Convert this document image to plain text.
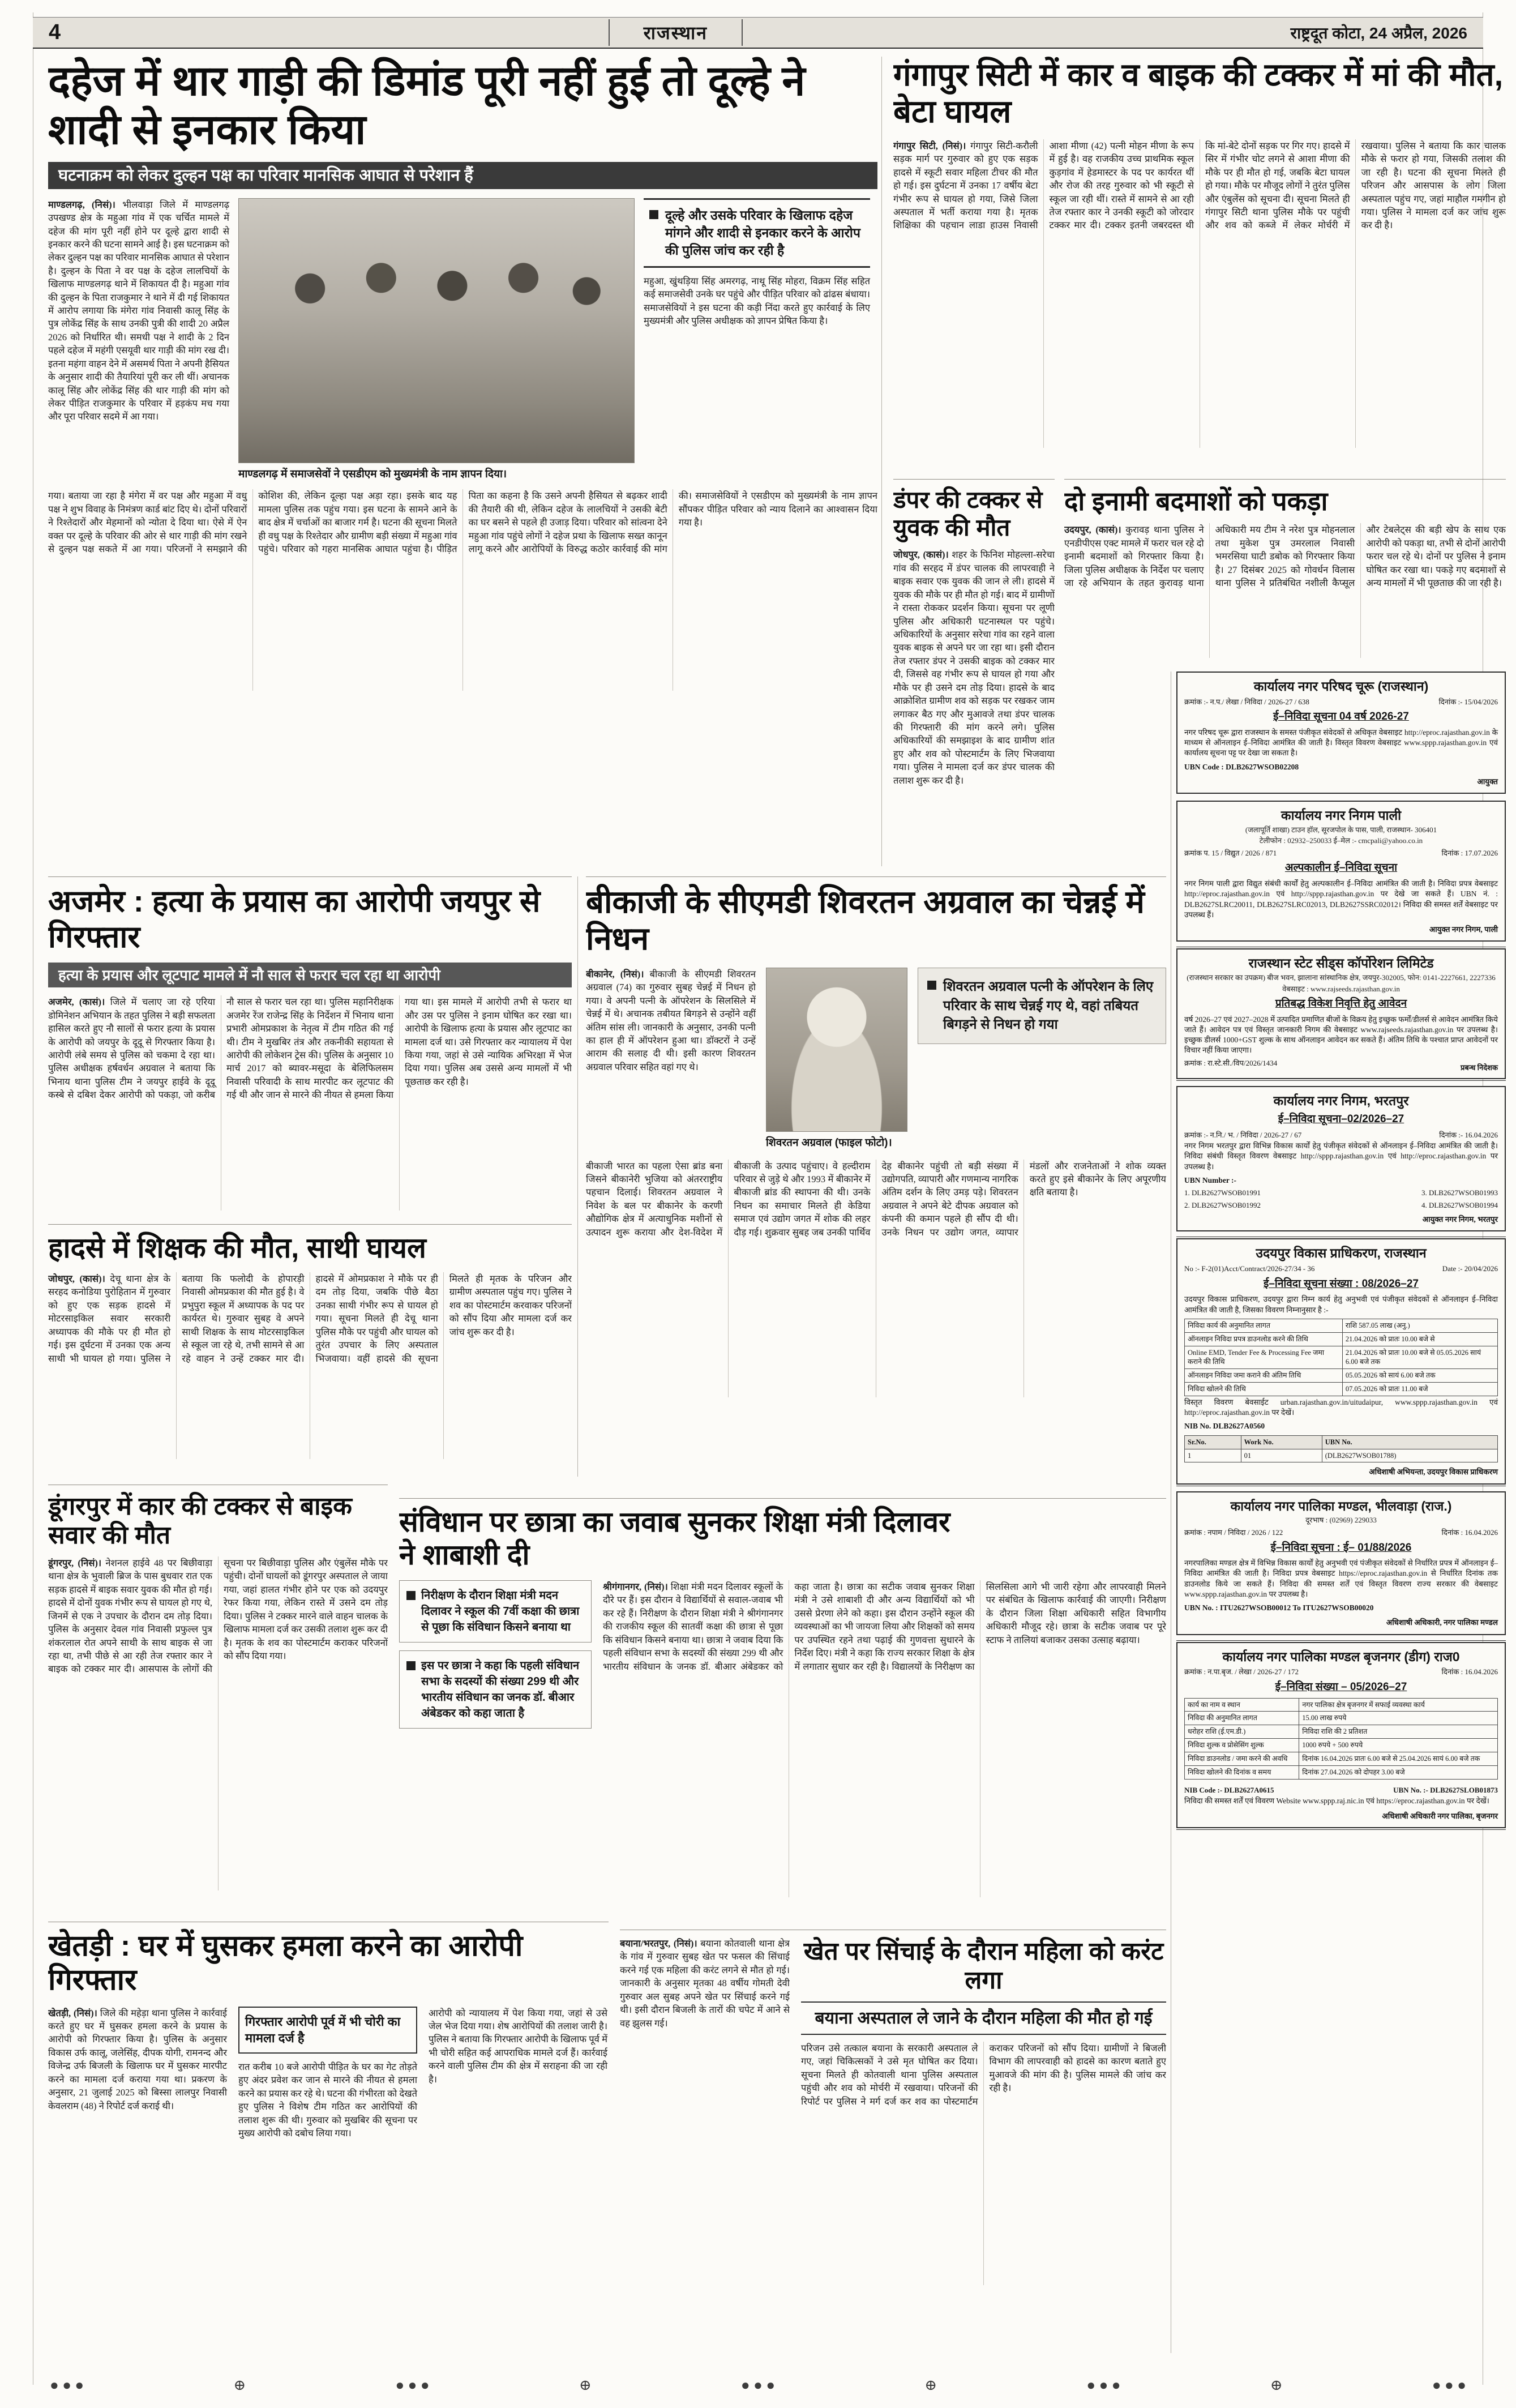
4	राजस्थान	राष्ट्रदूत कोटा, 24 अप्रैल, 2026
दहेज में थार गाड़ी की डिमांड पूरी नहीं हुई तो दूल्हे ने शादी से इनकार किया
घटनाक्रम को लेकर दुल्हन पक्ष का परिवार मानसिक आघात से परेशान हैं
माण्डलगढ़, (निसं)। भीलवाड़ा जिले में माण्डलगढ़ उपखण्ड क्षेत्र के महुआ गांव में एक चर्चित मामले में दहेज की मांग पूरी नहीं होने पर दूल्हे द्वारा शादी से इनकार करने की घटना सामने आई है। इस घटनाक्रम को लेकर दुल्हन पक्ष का परिवार मानसिक आघात से परेशान है। दुल्हन के पिता ने वर पक्ष के दहेज लालचियों के खिलाफ माण्डलगढ़ थाने में शिकायत दी है। महुआ गांव की दुल्हन के पिता राजकुमार ने थाने में दी गई शिकायत में आरोप लगाया कि मंगेरा गांव निवासी कालू सिंह के पुत्र लोकेंद्र सिंह के साथ उनकी पुत्री की शादी 20 अप्रैल 2026 को निर्धारित थी। समधी पक्ष ने शादी के 2 दिन पहले दहेज में महंगी एसयूवी थार गाड़ी की मांग रख दी। इतना महंगा वाहन देने में असमर्थ पिता ने अपनी हैसियत के अनुसार शादी की तैयारियां पूरी कर ली थीं। अचानक कालू सिंह और लोकेंद्र सिंह की थार गाड़ी की मांग को लेकर पीड़ित राजकुमार के परिवार में हड़कंप मच गया और पूरा परिवार सदमे में आ गया।
माण्डलगढ़ में समाजसेवों ने एसडीएम को मुख्यमंत्री के नाम ज्ञापन दिया।

दूल्हे और उसके परिवार के खिलाफ दहेज मांगने और शादी से इनकार करने के आरोप की पुलिस जांच कर रही है

महुआ, खुंथड़िया सिंह अमरगढ़, नाथू सिंह मोहरा, विक्रम सिंह सहित कई समाजसेवी उनके घर पहुंचे और पीड़ित परिवार को ढांढस बंधाया। समाजसेवियों ने इस घटना की कड़ी निंदा करते हुए कार्रवाई के लिए मुख्यमंत्री और पुलिस अधीक्षक को ज्ञापन प्रेषित किया है।
गया। बताया जा रहा है मंगेरा में वर पक्ष और महुआ में वधु पक्ष ने शुभ विवाह के निमंत्रण कार्ड बांट दिए थे। दोनों परिवारों ने रिश्तेदारों और मेहमानों को न्योता दे दिया था। ऐसे में ऐन वक्त पर दूल्हे के परिवार की ओर से थार गाड़ी की मांग रखने से दुल्हन पक्ष सकते में आ गया। परिजनों ने समझाने की कोशिश की, लेकिन दूल्हा पक्ष अड़ा रहा। इसके बाद यह मामला पुलिस तक पहुंच गया। इस घटना के सामने आने के बाद क्षेत्र में चर्चाओं का बाजार गर्म है। घटना की सूचना मिलते ही वधु पक्ष के रिश्तेदार और ग्रामीण बड़ी संख्या में महुआ गांव पहुंचे। परिवार को गहरा मानसिक आघात पहुंचा है। पीड़ित पिता का कहना है कि उसने अपनी हैसियत से बढ़कर शादी की तैयारी की थी, लेकिन दहेज के लालचियों ने उसकी बेटी का घर बसने से पहले ही उजाड़ दिया। परिवार को सांत्वना देने महुआ गांव पहुंचे लोगों ने दहेज प्रथा के खिलाफ सख्त कानून लागू करने और आरोपियों के विरुद्ध कठोर कार्रवाई की मांग की। समाजसेवियों ने एसडीएम को मुख्यमंत्री के नाम ज्ञापन सौंपकर पीड़ित परिवार को न्याय दिलाने का आश्वासन दिया गया है।
गंगापुर सिटी में कार व बाइक की टक्कर में मां की मौत, बेटा घायल
गंगापुर सिटी, (निसं)। गंगापुर सिटी-करौली सड़क मार्ग पर गुरुवार को हुए एक सड़क हादसे में स्कूटी सवार महिला टीचर की मौत हो गई। इस दुर्घटना में उनका 17 वर्षीय बेटा गंभीर रूप से घायल हो गया, जिसे जिला अस्पताल में भर्ती कराया गया है। मृतक शिक्षिका की पहचान लाडा हाउस निवासी आशा मीणा (42) पत्नी मोहन मीणा के रूप में हुई है। वह राजकीय उच्च प्राथमिक स्कूल कुड़गांव में हेडमास्टर के पद पर कार्यरत थीं और रोज की तरह गुरुवार को भी स्कूटी से स्कूल जा रही थीं। रास्ते में सामने से आ रही तेज रफ्तार कार ने उनकी स्कूटी को जोरदार टक्कर मार दी। टक्कर इतनी जबरदस्त थी कि मां-बेटे दोनों सड़क पर गिर गए। हादसे में सिर में गंभीर चोट लगने से आशा मीणा की मौके पर ही मौत हो गई, जबकि बेटा घायल हो गया। मौके पर मौजूद लोगों ने तुरंत पुलिस और एंबुलेंस को सूचना दी। सूचना मिलते ही गंगापुर सिटी थाना पुलिस मौके पर पहुंची और शव को कब्जे में लेकर मोर्चरी में रखवाया। पुलिस ने बताया कि कार चालक मौके से फरार हो गया, जिसकी तलाश की जा रही है। घटना की सूचना मिलते ही परिजन और आसपास के लोग जिला अस्पताल पहुंच गए, जहां माहौल गमगीन हो गया। पुलिस ने मामला दर्ज कर जांच शुरू कर दी है।
डंपर की टक्कर से युवक की मौत
जोधपुर, (कासं)। शहर के फिनिश मोहल्ला-सरेचा गांव की सरहद में डंपर चालक की लापरवाही ने बाइक सवार एक युवक की जान ले ली। हादसे में युवक की मौके पर ही मौत हो गई। बाद में ग्रामीणों ने रास्ता रोककर प्रदर्शन किया। सूचना पर लूणी पुलिस और अधिकारी घटनास्थल पर पहुंचे। अधिकारियों के अनुसार सरेचा गांव का रहने वाला युवक बाइक से अपने घर जा रहा था। इसी दौरान तेज रफ्तार डंपर ने उसकी बाइक को टक्कर मार दी, जिससे वह गंभीर रूप से घायल हो गया और मौके पर ही उसने दम तोड़ दिया। हादसे के बाद आक्रोशित ग्रामीण शव को सड़क पर रखकर जाम लगाकर बैठ गए और मुआवजे तथा डंपर चालक की गिरफ्तारी की मांग करने लगे। पुलिस अधिकारियों की समझाइश के बाद ग्रामीण शांत हुए और शव को पोस्टमार्टम के लिए भिजवाया गया। पुलिस ने मामला दर्ज कर डंपर चालक की तलाश शुरू कर दी है।
दो इनामी बदमाशों को पकड़ा
उदयपुर, (कासं)। कुरावड़ थाना पुलिस ने एनडीपीएस एक्ट मामले में फरार चल रहे दो इनामी बदमाशों को गिरफ्तार किया है। जिला पुलिस अधीक्षक के निर्देश पर चलाए जा रहे अभियान के तहत कुरावड़ थाना अधिकारी मय टीम ने नरेश पुत्र मोहनलाल तथा मुकेश पुत्र उमरलाल निवासी भमरसिया घाटी डबोक को गिरफ्तार किया है। 27 दिसंबर 2025 को गोवर्धन विलास थाना पुलिस ने प्रतिबंधित नशीली कैप्सूल और टेबलेट्स की बड़ी खेप के साथ एक आरोपी को पकड़ा था, तभी से दोनों आरोपी फरार चल रहे थे। दोनों पर पुलिस ने इनाम घोषित कर रखा था। पकड़े गए बदमाशों से अन्य मामलों में भी पूछताछ की जा रही है।
अजमेर : हत्या के प्रयास का आरोपी जयपुर से गिरफ्तार
हत्या के प्रयास और लूटपाट मामले में नौ साल से फरार चल रहा था आरोपी
अजमेर, (कासं)। जिले में चलाए जा रहे एरिया डोमिनेशन अभियान के तहत पुलिस ने बड़ी सफलता हासिल करते हुए नौ सालों से फरार हत्या के प्रयास के आरोपी को जयपुर के दूदू से गिरफ्तार किया है। आरोपी लंबे समय से पुलिस को चकमा दे रहा था। पुलिस अधीक्षक हर्षवर्धन अग्रवाल ने बताया कि भिनाय थाना पुलिस टीम ने जयपुर हाईवे के दूदू कस्बे से दबिश देकर आरोपी को पकड़ा, जो करीब नौ साल से फरार चल रहा था। पुलिस महानिरीक्षक अजमेर रेंज राजेन्द्र सिंह के निर्देशन में भिनाय थाना प्रभारी ओमप्रकाश के नेतृत्व में टीम गठित की गई थी। टीम ने मुखबिर तंत्र और तकनीकी सहायता से आरोपी की लोकेशन ट्रेस की। पुलिस के अनुसार 10 मार्च 2017 को ब्यावर-मसूदा के बेलिफिलसम निवासी परिवादी के साथ मारपीट कर लूटपाट की गई थी और जान से मारने की नीयत से हमला किया गया था। इस मामले में आरोपी तभी से फरार था और उस पर पुलिस ने इनाम घोषित कर रखा था। आरोपी के खिलाफ हत्या के प्रयास और लूटपाट का मामला दर्ज था। उसे गिरफ्तार कर न्यायालय में पेश किया गया, जहां से उसे न्यायिक अभिरक्षा में भेज दिया गया। पुलिस अब उससे अन्य मामलों में भी पूछताछ कर रही है।
बीकाजी के सीएमडी शिवरतन अग्रवाल का चेन्नई में निधन
बीकानेर, (निसं)। बीकाजी के सीएमडी शिवरतन अग्रवाल (74) का गुरुवार सुबह चेन्नई में निधन हो गया। वे अपनी पत्नी के ऑपरेशन के सिलसिले में चेन्नई में थे। अचानक तबीयत बिगड़ने से उन्होंने वहीं अंतिम सांस ली। जानकारी के अनुसार, उनकी पत्नी का हाल ही में ऑपरेशन हुआ था। डॉक्टरों ने उन्हें आराम की सलाह दी थी। इसी कारण शिवरतन अग्रवाल परिवार सहित वहां गए थे।
शिवरतन अग्रवाल (फाइल फोटो)।

शिवरतन अग्रवाल पत्नी के ऑपरेशन के लिए परिवार के साथ चेन्नई गए थे, वहां तबियत बिगड़ने से निधन हो गया

बीकाजी भारत का पहला ऐसा ब्रांड बना जिसने बीकानेरी भुजिया को अंतरराष्ट्रीय पहचान दिलाई। शिवरतन अग्रवाल ने निवेश के बल पर बीकानेर के करणी औद्योगिक क्षेत्र में अत्याधुनिक मशीनों से उत्पादन शुरू कराया और देश-विदेश में बीकाजी के उत्पाद पहुंचाए। वे हल्दीराम परिवार से जुड़े थे और 1993 में बीकानेर में बीकाजी ब्रांड की स्थापना की थी। उनके निधन का समाचार मिलते ही केडिया समाज एवं उद्योग जगत में शोक की लहर दौड़ गई। शुक्रवार सुबह जब उनकी पार्थिव देह बीकानेर पहुंची तो बड़ी संख्या में उद्योगपति, व्यापारी और गणमान्य नागरिक अंतिम दर्शन के लिए उमड़ पड़े। शिवरतन अग्रवाल ने अपने बेटे दीपक अग्रवाल को कंपनी की कमान पहले ही सौंप दी थी। उनके निधन पर उद्योग जगत, व्यापार मंडलों और राजनेताओं ने शोक व्यक्त करते हुए इसे बीकानेर के लिए अपूरणीय क्षति बताया है।
हादसे में शिक्षक की मौत, साथी घायल
जोधपुर, (कासं)। देचू थाना क्षेत्र के सरहद कनोडिया पुरोहितान में गुरुवार को हुए एक सड़क हादसे में मोटरसाइकिल सवार सरकारी अध्यापक की मौके पर ही मौत हो गई। इस दुर्घटना में उनका एक अन्य साथी भी घायल हो गया। पुलिस ने बताया कि फलोदी के होपारड़ी निवासी ओमप्रकाश की मौत हुई है। वे प्रभुपुरा स्कूल में अध्यापक के पद पर कार्यरत थे। गुरुवार सुबह वे अपने साथी शिक्षक के साथ मोटरसाइकिल से स्कूल जा रहे थे, तभी सामने से आ रहे वाहन ने उन्हें टक्कर मार दी। हादसे में ओमप्रकाश ने मौके पर ही दम तोड़ दिया, जबकि पीछे बैठा उनका साथी गंभीर रूप से घायल हो गया। सूचना मिलते ही देचू थाना पुलिस मौके पर पहुंची और घायल को तुरंत उपचार के लिए अस्पताल भिजवाया। वहीं हादसे की सूचना मिलते ही मृतक के परिजन और ग्रामीण अस्पताल पहुंच गए। पुलिस ने शव का पोस्टमार्टम करवाकर परिजनों को सौंप दिया और मामला दर्ज कर जांच शुरू कर दी है।
डूंगरपुर में कार की टक्कर से बाइक सवार की मौत
डूंगरपुर, (निसं)। नेशनल हाईवे 48 पर बिछीवाड़ा थाना क्षेत्र के भुवाली ब्रिज के पास बुधवार रात एक सड़क हादसे में बाइक सवार युवक की मौत हो गई। हादसे में दोनों युवक गंभीर रूप से घायल हो गए थे, जिनमें से एक ने उपचार के दौरान दम तोड़ दिया। पुलिस के अनुसार देवल गांव निवासी प्रफुल्ल पुत्र शंकरलाल रोत अपने साथी के साथ बाइक से जा रहा था, तभी पीछे से आ रही तेज रफ्तार कार ने बाइक को टक्कर मार दी। आसपास के लोगों की सूचना पर बिछीवाड़ा पुलिस और एंबुलेंस मौके पर पहुंची। दोनों घायलों को डूंगरपुर अस्पताल ले जाया गया, जहां हालत गंभीर होने पर एक को उदयपुर रेफर किया गया, लेकिन रास्ते में उसने दम तोड़ दिया। पुलिस ने टक्कर मारने वाले वाहन चालक के खिलाफ मामला दर्ज कर उसकी तलाश शुरू कर दी है। मृतक के शव का पोस्टमार्टम कराकर परिजनों को सौंप दिया गया।
संविधान पर छात्रा का जवाब सुनकर शिक्षा मंत्री दिलावर ने शाबाशी दी

निरीक्षण के दौरान शिक्षा मंत्री मदन दिलावर ने स्कूल की 7वीं कक्षा की छात्रा से पूछा कि संविधान किसने बनाया था

इस पर छात्रा ने कहा कि पहली संविधान सभा के सदस्यों की संख्या 299 थी और भारतीय संविधान का जनक डॉ. बीआर अंबेडकर को कहा जाता है

श्रीगंगानगर, (निसं)। शिक्षा मंत्री मदन दिलावर स्कूलों के दौरे पर हैं। इस दौरान वे विद्यार्थियों से सवाल-जवाब भी कर रहे हैं। निरीक्षण के दौरान शिक्षा मंत्री ने श्रीगंगानगर की राजकीय स्कूल की सातवीं कक्षा की छात्रा से पूछा कि संविधान किसने बनाया था। छात्रा ने जवाब दिया कि पहली संविधान सभा के सदस्यों की संख्या 299 थी और भारतीय संविधान के जनक डॉ. बीआर अंबेडकर को कहा जाता है। छात्रा का सटीक जवाब सुनकर शिक्षा मंत्री ने उसे शाबाशी दी और अन्य विद्यार्थियों को भी उससे प्रेरणा लेने को कहा। इस दौरान उन्होंने स्कूल की व्यवस्थाओं का भी जायजा लिया और शिक्षकों को समय पर उपस्थित रहने तथा पढ़ाई की गुणवत्ता सुधारने के निर्देश दिए। मंत्री ने कहा कि राज्य सरकार शिक्षा के क्षेत्र में लगातार सुधार कर रही है। विद्यालयों के निरीक्षण का सिलसिला आगे भी जारी रहेगा और लापरवाही मिलने पर संबंधित के खिलाफ कार्रवाई की जाएगी। निरीक्षण के दौरान जिला शिक्षा अधिकारी सहित विभागीय अधिकारी मौजूद रहे। छात्रा के सटीक जवाब पर पूरे स्टाफ ने तालियां बजाकर उसका उत्साह बढ़ाया।
खेतड़ी : घर में घुसकर हमला करने का आरोपी गिरफ्तार
खेतड़ी, (निसं)। जिले की महेड़ा थाना पुलिस ने कार्रवाई करते हुए घर में घुसकर हमला करने के प्रयास के आरोपी को गिरफ्तार किया है। पुलिस के अनुसार विकास उर्फ कालू, जलेसिंह, दीपक योगी, रामनन्द और विजेन्द्र उर्फ बिजली के खिलाफ घर में घुसकर मारपीट करने का मामला दर्ज कराया गया था। प्रकरण के अनुसार, 21 जुलाई 2025 को बिस्सा लालपुर निवासी केवलराम (48) ने रिपोर्ट दर्ज कराई थी।

गिरफ्तार आरोपी पूर्व में भी चोरी का मामला दर्ज है

रात करीब 10 बजे आरोपी पीड़ित के घर का गेट तोड़ते हुए अंदर प्रवेश कर जान से मारने की नीयत से हमला करने का प्रयास कर रहे थे। घटना की गंभीरता को देखते हुए पुलिस ने विशेष टीम गठित कर आरोपियों की तलाश शुरू की थी। गुरुवार को मुखबिर की सूचना पर मुख्य आरोपी को दबोच लिया गया।
आरोपी को न्यायालय में पेश किया गया, जहां से उसे जेल भेज दिया गया। शेष आरोपियों की तलाश जारी है। पुलिस ने बताया कि गिरफ्तार आरोपी के खिलाफ पूर्व में भी चोरी सहित कई आपराधिक मामले दर्ज हैं। कार्रवाई करने वाली पुलिस टीम की क्षेत्र में सराहना की जा रही है।
बयाना/भरतपुर, (निसं)। बयाना कोतवाली थाना क्षेत्र के गांव में गुरुवार सुबह खेत पर फसल की सिंचाई करने गई एक महिला की करंट लगने से मौत हो गई। जानकारी के अनुसार मृतका 48 वर्षीय गोमती देवी गुरुवार अल सुबह अपने खेत पर सिंचाई करने गई थी। इसी दौरान बिजली के तारों की चपेट में आने से वह झुलस गई।
खेत पर सिंचाई के दौरान महिला को करंट लगा
बयाना अस्पताल ले जाने के दौरान महिला की मौत हो गई
परिजन उसे तत्काल बयाना के सरकारी अस्पताल ले गए, जहां चिकित्सकों ने उसे मृत घोषित कर दिया। सूचना मिलते ही कोतवाली थाना पुलिस अस्पताल पहुंची और शव को मोर्चरी में रखवाया। परिजनों की रिपोर्ट पर पुलिस ने मर्ग दर्ज कर शव का पोस्टमार्टम कराकर परिजनों को सौंप दिया। ग्रामीणों ने बिजली विभाग की लापरवाही को हादसे का कारण बताते हुए मुआवजे की मांग की है। पुलिस मामले की जांच कर रही है।
कार्यालय नगर परिषद चूरू (राजस्थान)
क्रमांक :- न.प./ लेखा / निविदा / 2026-27 / 638	दिनांक :- 15/04/2026
ई–निविदा सूचना 04 वर्ष 2026-27
नगर परिषद चूरू द्वारा राजस्थान के समस्त पंजीकृत संवेदकों से अधिकृत वेबसाइट http://eproc.rajasthan.gov.in के माध्यम से ऑनलाइन ई–निविदा आमंत्रित की जाती है। विस्तृत विवरण वेबसाइट www.sppp.rajasthan.gov.in एवं कार्यालय सूचना पट्ट पर देखा जा सकता है।
UBN Code : DLB2627WSOB02208
आयुक्त
कार्यालय नगर निगम पाली
(जलापूर्ति शाखा) टाउन हॉल, सूरजपोल के पास, पाली, राजस्थान- 306401
टेलीफोन : 02932–250033 ई–मेल :- cmcpali@yahoo.co.in
क्रमांक प. 15 / विद्युत / 2026 / 871	दिनांक : 17.07.2026
अल्पकालीन ई–निविदा सूचना
नगर निगम पाली द्वारा विद्युत संबंधी कार्यों हेतु अल्पकालीन ई–निविदा आमंत्रित की जाती है। निविदा प्रपत्र वेबसाइट http://eproc.rajasthan.gov.in एवं http://sppp.rajasthan.gov.in पर देखे जा सकते हैं। UBN नं. : DLB2627SLRC20011, DLB2627SLRC02013, DLB2627SSRC02012। निविदा की समस्त शर्तें वेबसाइट पर उपलब्ध हैं।
आयुक्त नगर निगम, पाली
राजस्थान स्टेट सीड्स कॉर्पोरेशन लिमिटेड
(राजस्थान सरकार का उपक्रम) बीज भवन, झालाना सांस्थानिक क्षेत्र, जयपुर-302005, फोन: 0141-2227661, 2227336
वेबसाइट : www.rajseeds.rajasthan.gov.in
प्रतिबद्ध विकेश निवृत्ति हेतु आवेदन
वर्ष 2026–27 एवं 2027–2028 में उत्पादित प्रमाणित बीजों के विक्रय हेतु इच्छुक फर्मों/डीलर्स से आवेदन आमंत्रित किये जाते हैं। आवेदन पत्र एवं विस्तृत जानकारी निगम की वेबसाइट www.rajseeds.rajasthan.gov.in पर उपलब्ध है। इच्छुक डीलर्स 1000+GST शुल्क के साथ ऑनलाइन आवेदन कर सकते हैं। अंतिम तिथि के पश्चात प्राप्त आवेदनों पर विचार नहीं किया जाएगा।
क्रमांक : रा.स्टे.सी./विप/2026/1434
प्रबन्ध निदेशक
कार्यालय नगर निगम, भरतपुर
ई–निविदा सूचना–02/2026–27
क्रमांक :- न.नि./ भ. / निविदा / 2026-27 / 67	दिनांक :- 16.04.2026
नगर निगम भरतपुर द्वारा विभिन्न विकास कार्यों हेतु पंजीकृत संवेदकों से ऑनलाइन ई–निविदा आमंत्रित की जाती है। निविदा संबंधी विस्तृत विवरण वेबसाइट http://sppp.rajasthan.gov.in एवं http://eproc.rajasthan.gov.in पर उपलब्ध है।
UBN Number :-
1. DLB2627WSOB01991	3. DLB2627WSOB01993
2. DLB2627WSOB01992	4. DLB2627WSOB01994
आयुक्त नगर निगम, भरतपुर
उदयपुर विकास प्राधिकरण, राजस्थान
No :- F-2(01)Acct/Contract/2026-27/34 - 36	Date :- 20/04/2026
ई–निविदा सूचना संख्या : 08/2026–27
उदयपुर विकास प्राधिकरण, उदयपुर द्वारा निम्न कार्य हेतु अनुभवी एवं पंजीकृत संवेदकों से ऑनलाइन ई–निविदा आमंत्रित की जाती है, जिसका विवरण निम्नानुसार है :-
निविदा कार्य की अनुमानित लागत	राशि 587.05 लाख (अनु.)
ऑनलाइन निविदा प्रपत्र डाउनलोड करने की तिथि	21.04.2026 को प्रातः 10.00 बजे से
Online EMD, Tender Fee & Processing Fee जमा कराने की तिथि	21.04.2026 को प्रातः 10.00 बजे से 05.05.2026 सायं 6.00 बजे तक
ऑनलाइन निविदा जमा कराने की अंतिम तिथि	05.05.2026 को सायं 6.00 बजे तक
निविदा खोलने की तिथि	07.05.2026 को प्रातः 11.00 बजे
विस्तृत विवरण बेवसाईट urban.rajasthan.gov.in/uitudaipur, www.sppp.rajasthan.gov.in एवं http://eproc.rajasthan.gov.in पर देखें।
NIB No. DLB2627A0560
Sr.No.	Work No.	UBN No.
1	01	(DLB2627WSOB01788)
अधिशाषी अभियन्ता, उदयपुर विकास प्राधिकरण
कार्यालय नगर पालिका मण्डल, भीलवाड़ा (राज.)
दूरभाष : (02969) 229033
क्रमांक : नपाम / निविदा / 2026 / 122	दिनांक : 16.04.2026
ई–निविदा सूचना : ई– 01/88/2026
नगरपालिका मण्डल क्षेत्र में विभिन्न विकास कार्यों हेतु अनुभवी एवं पंजीकृत संवेदकों से निर्धारित प्रपत्र में ऑनलाइन ई–निविदा आमंत्रित की जाती है। निविदा प्रपत्र वेबसाइट https://eproc.rajasthan.gov.in से निर्धारित दिनांक तक डाउनलोड किये जा सकते हैं। निविदा की समस्त शर्तें एवं विस्तृत विवरण राज्य सरकार की वेबसाइट www.sppp.rajasthan.gov.in पर उपलब्ध है।
UBN No. : ITU2627WSOB00012 To ITU2627WSOB00020
अधिशाषी अधिकारी, नगर पालिका मण्डल
कार्यालय नगर पालिका मण्डल बृजनगर (डीग) राज0
क्रमांक : न.पा.बृज. / लेखा / 2026-27 / 172	दिनांक : 16.04.2026
ई–निविदा संख्या – 05/2026–27
कार्य का नाम व स्थान	नगर पालिका क्षेत्र बृजनगर में सफाई व्यवस्था कार्य
निविदा की अनुमानित लागत	15.00 लाख रुपये
धरोहर राशि (ई.एम.डी.)	निविदा राशि की 2 प्रतिशत
निविदा शुल्क व प्रोसेसिंग शुल्क	1000 रुपये + 500 रुपये
निविदा डाउनलोड / जमा करने की अवधि	दिनांक 16.04.2026 प्रातः 6.00 बजे से 25.04.2026 सायं 6.00 बजे तक
निविदा खोलने की दिनांक व समय	दिनांक 27.04.2026 को दोपहर 3.00 बजे
NIB Code :- DLB2627A0615	UBN No. :- DLB2627SLOB01873
निविदा की समस्त शर्तें एवं विवरण Website www.sppp.raj.nic.in एवं https://eproc.rajasthan.gov.in पर देखें।
अधिशाषी अधिकारी नगर पालिका, बृजनगर
● ● ●	⊕	● ● ●	⊕	● ● ●	⊕	● ● ●	⊕	● ● ●
